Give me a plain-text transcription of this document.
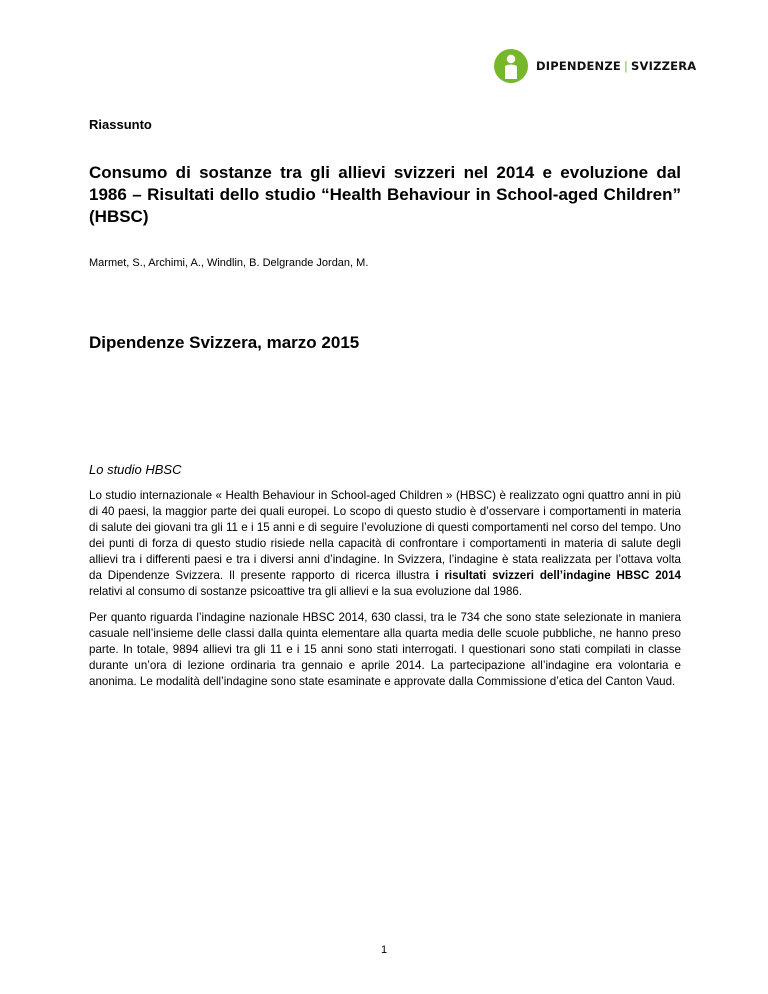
DIPENDENZE | SVIZZERA
Riassunto
Consumo di sostanze tra gli allievi svizzeri nel 2014 e evoluzione dal 1986 – Risultati dello studio “Health Behaviour in School-aged Children” (HBSC)
Marmet, S., Archimi, A., Windlin, B. Delgrande Jordan, M.
Dipendenze Svizzera, marzo 2015
Lo studio HBSC

Lo studio internazionale « Health Behaviour in School-aged Children » (HBSC) è realizzato ogni quattro anni in più di 40 paesi, la maggior parte dei quali europei. Lo scopo di questo studio è d’osservare i comportamenti in materia di salute dei giovani tra gli 11 e i 15 anni e di seguire l’evoluzione di questi comportamenti nel corso del tempo. Uno dei punti di forza di questo studio risiede nella capacità di confrontare i comportamenti in materia di salute degli allievi tra i differenti paesi e tra i diversi anni d’indagine. In Svizzera, l’indagine è stata realizzata per l’ottava volta da Dipendenze Svizzera. Il presente rapporto di ricerca illustra i risultati svizzeri dell’indagine HBSC 2014 relativi al consumo di sostanze psicoattive tra gli allievi e la sua evoluzione dal 1986.

Per quanto riguarda l’indagine nazionale HBSC 2014, 630 classi, tra le 734 che sono state selezionate in maniera casuale nell’insieme delle classi dalla quinta elementare alla quarta media delle scuole pubbliche, ne hanno preso parte. In totale, 9894 allievi tra gli 11 e i 15 anni sono stati interrogati. I questionari sono stati compilati in classe durante un’ora di lezione ordinaria tra gennaio e aprile 2014. La partecipazione all’indagine era volontaria e anonima. Le modalità dell’indagine sono state esaminate e approvate dalla Commissione d’etica del Canton Vaud.

1
